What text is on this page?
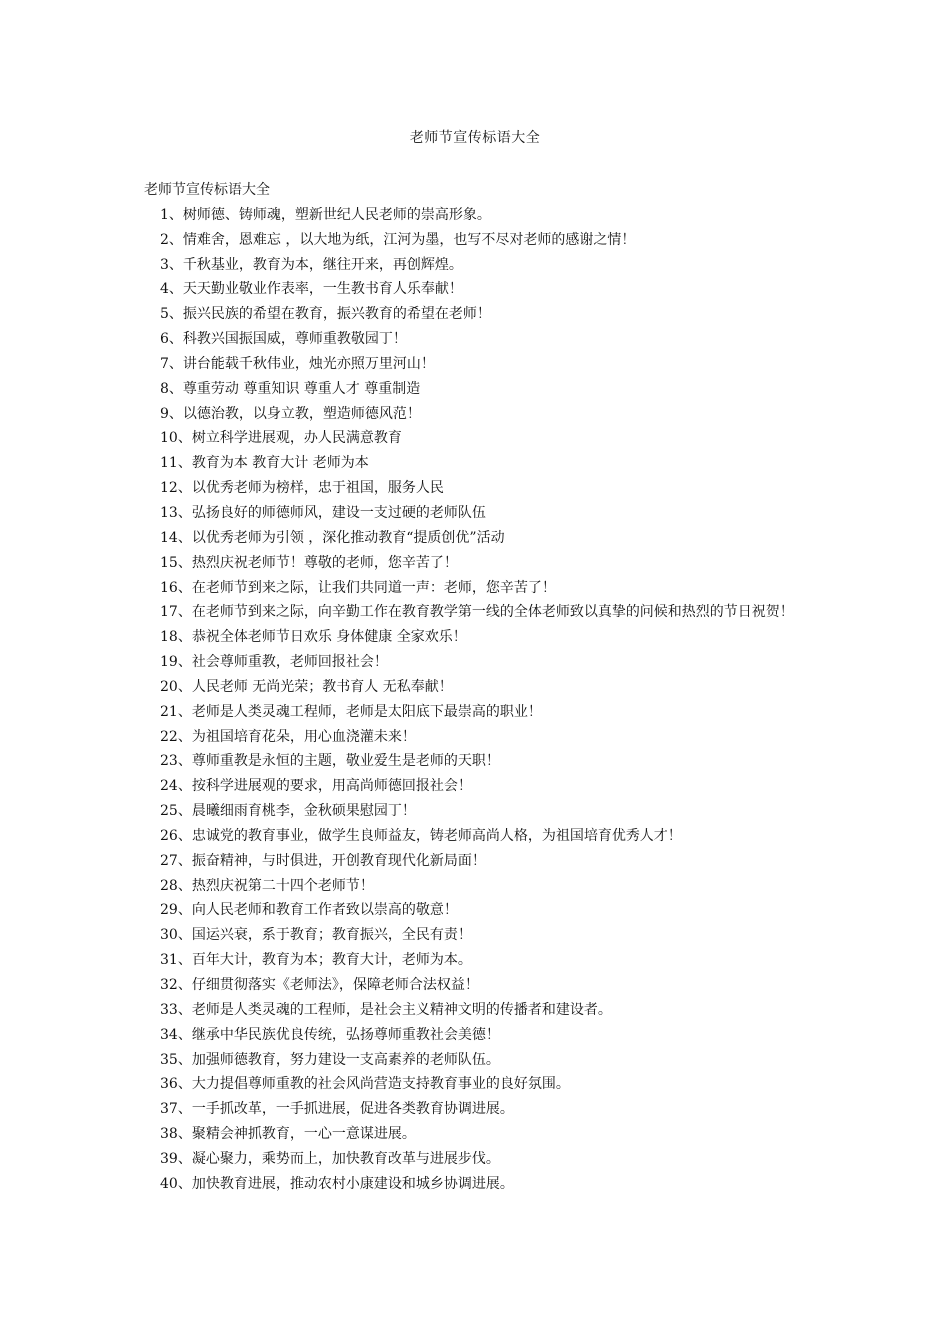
老师节宣传标语大全

老师节宣传标语大全

1、树师德、铸师魂，塑新世纪人民老师的崇高形象。
2、情难舍，恩难忘 ，以大地为纸，江河为墨，也写不尽对老师的感谢之情！
3、千秋基业，教育为本，继往开来，再创辉煌。
4、天天勤业敬业作表率，一生教书育人乐奉献！
5、振兴民族的希望在教育，振兴教育的希望在老师！
6、科教兴国振国威，尊师重教敬园丁！
7、讲台能载千秋伟业，烛光亦照万里河山！
8、尊重劳动 尊重知识 尊重人才 尊重制造
9、以德治教，以身立教，塑造师德风范！
10、树立科学进展观，办人民满意教育
11、教育为本 教育大计 老师为本
12、以优秀老师为榜样，忠于祖国，服务人民
13、弘扬良好的师德师风，建设一支过硬的老师队伍
14、以优秀老师为引领 ，深化推动教育“提质创优”活动
15、热烈庆祝老师节！尊敬的老师，您辛苦了！
16、在老师节到来之际，让我们共同道一声：老师，您辛苦了！
17、在老师节到来之际，向辛勤工作在教育教学第一线的全体老师致以真挚的问候和热烈的节日祝贺！
18、恭祝全体老师节日欢乐 身体健康 全家欢乐！
19、社会尊师重教，老师回报社会！
20、人民老师 无尚光荣；教书育人 无私奉献！
21、老师是人类灵魂工程师，老师是太阳底下最崇高的职业！
22、为祖国培育花朵，用心血浇灌未来！
23、尊师重教是永恒的主题，敬业爱生是老师的天职！
24、按科学进展观的要求，用高尚师德回报社会！
25、晨曦细雨育桃李，金秋硕果慰园丁！
26、忠诚党的教育事业，做学生良师益友，铸老师高尚人格，为祖国培育优秀人才！
27、振奋精神，与时俱进，开创教育现代化新局面！
28、热烈庆祝第二十四个老师节！
29、向人民老师和教育工作者致以崇高的敬意！
30、国运兴衰，系于教育；教育振兴，全民有责！
31、百年大计，教育为本；教育大计，老师为本。
32、仔细贯彻落实《老师法》，保障老师合法权益！
33、老师是人类灵魂的工程师，是社会主义精神文明的传播者和建设者。
34、继承中华民族优良传统，弘扬尊师重教社会美德！
35、加强师德教育，努力建设一支高素养的老师队伍。
36、大力提倡尊师重教的社会风尚营造支持教育事业的良好氛围。
37、一手抓改革，一手抓进展，促进各类教育协调进展。
38、聚精会神抓教育，一心一意谋进展。
39、凝心聚力，乘势而上，加快教育改革与进展步伐。
40、加快教育进展，推动农村小康建设和城乡协调进展。
